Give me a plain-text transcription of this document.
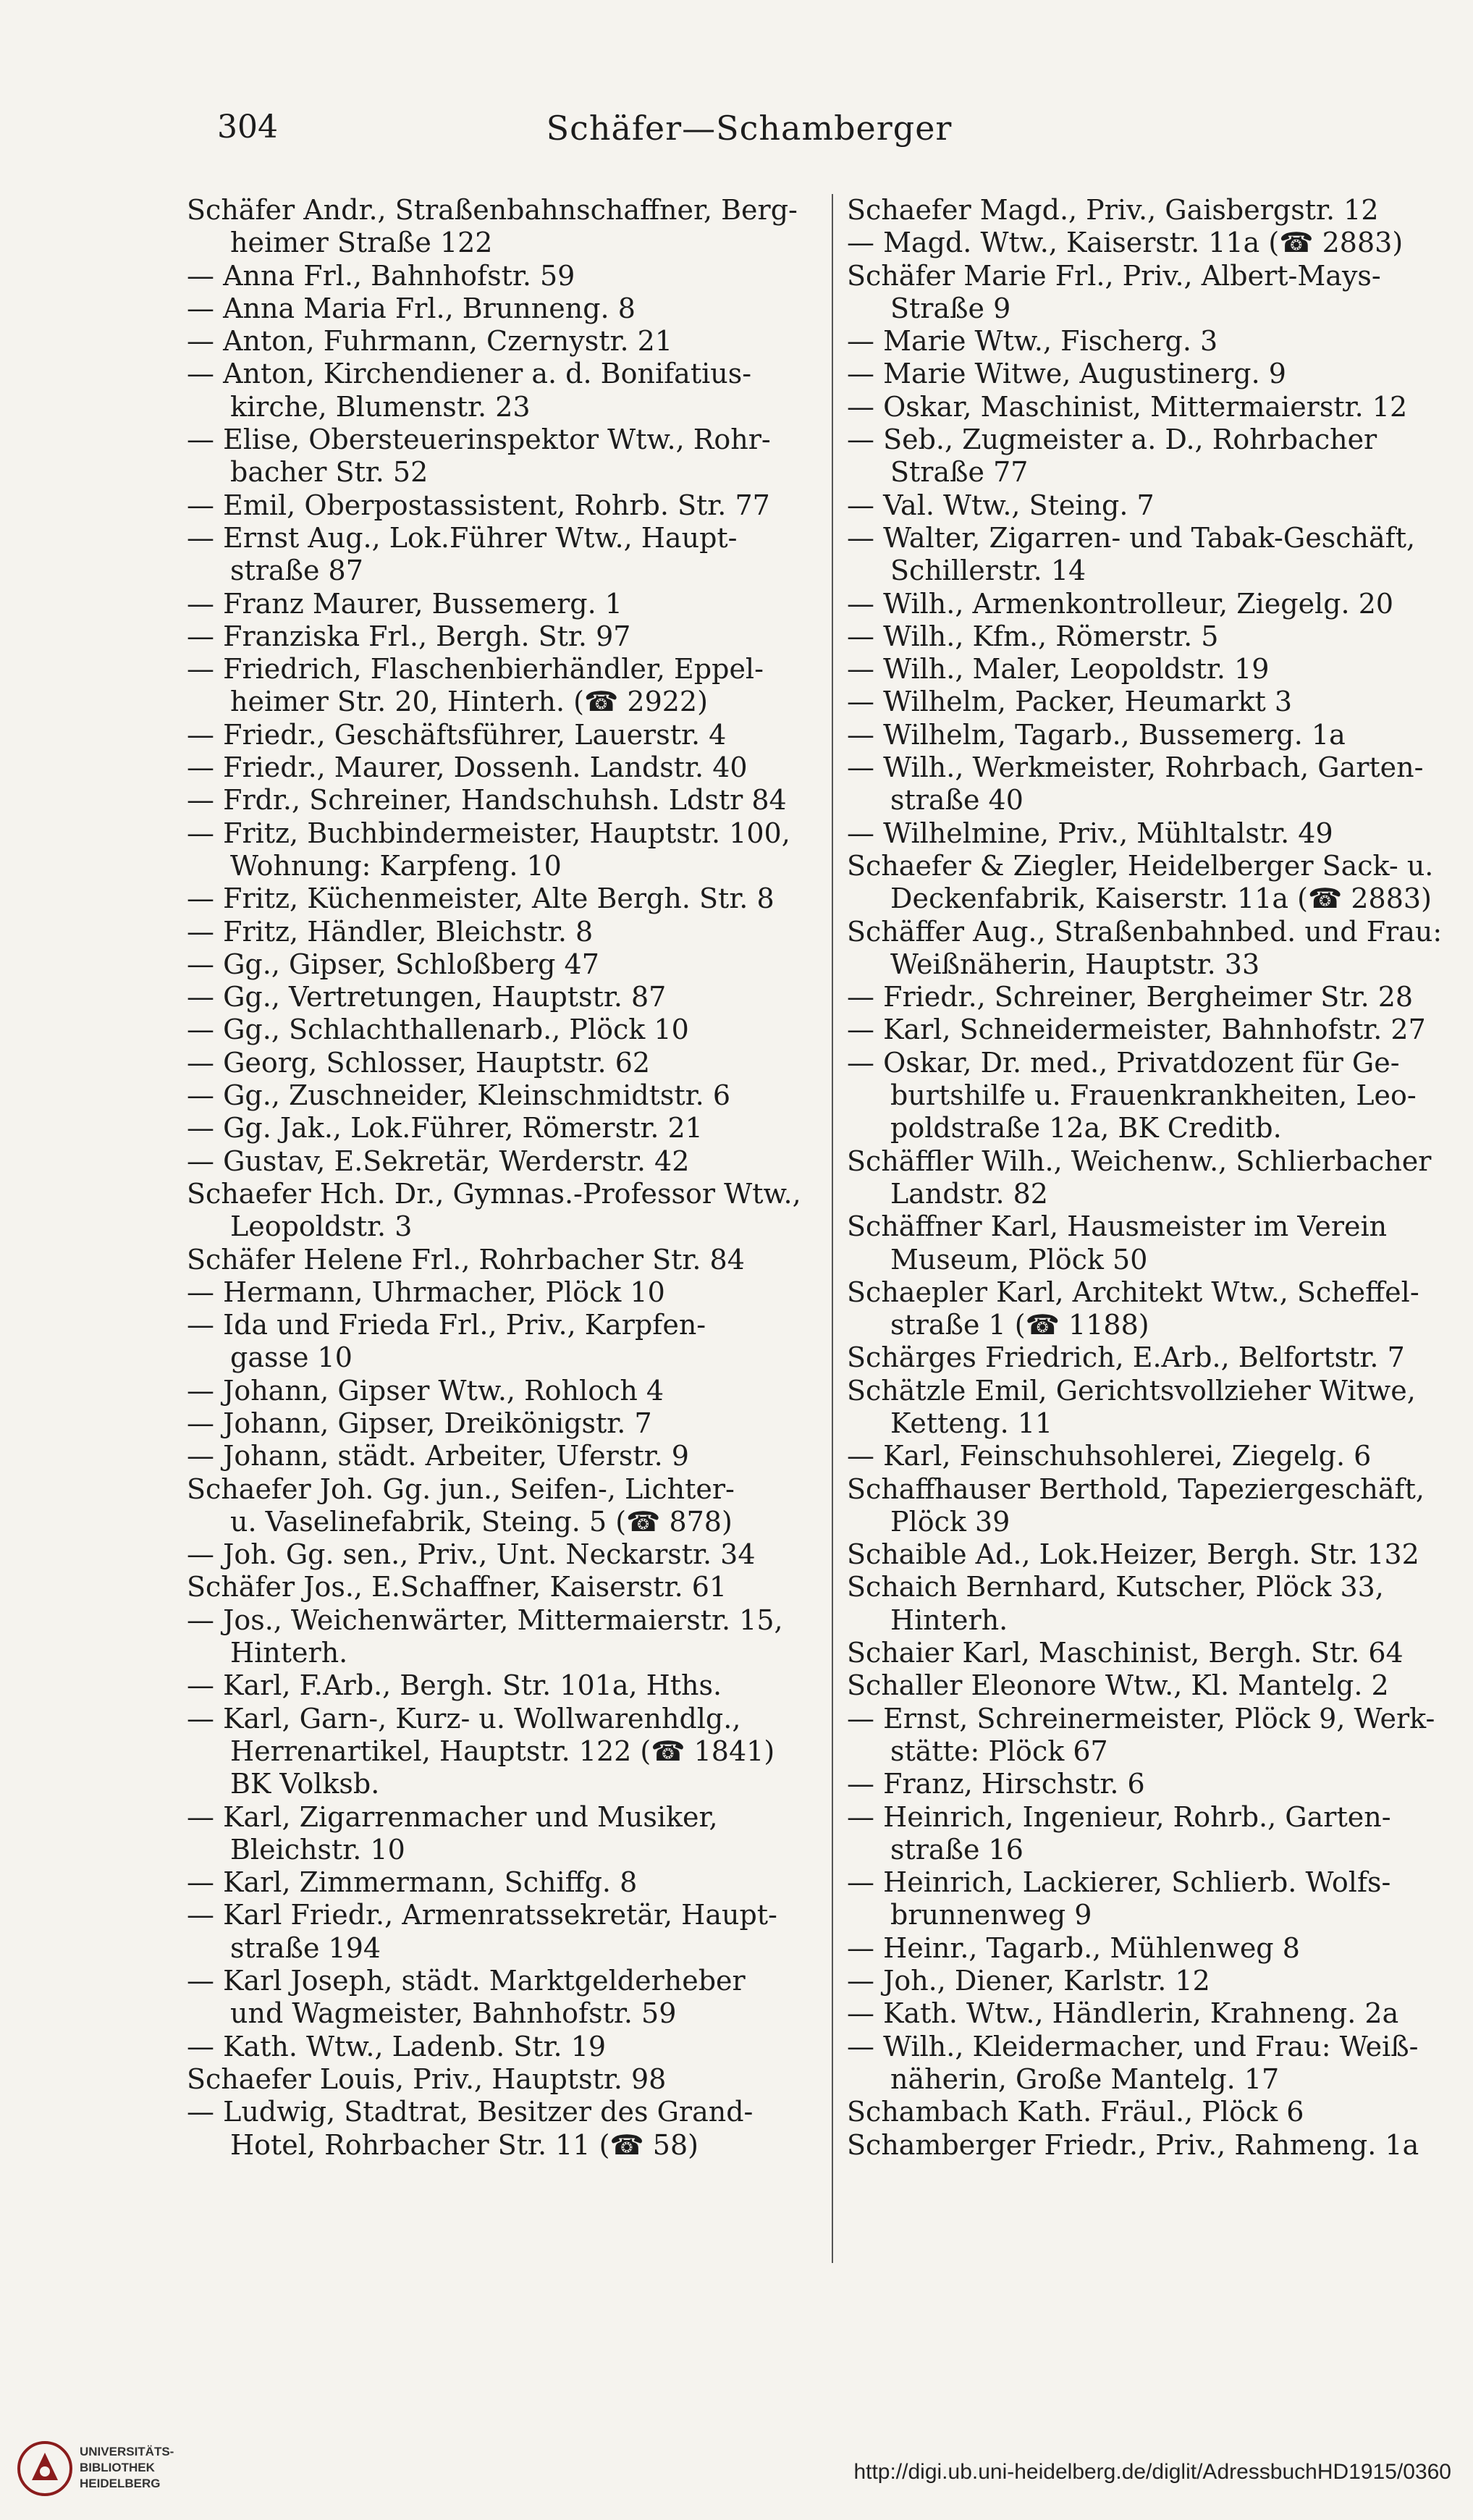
304	Schäfer—Schamberger
Schäfer Andr., Straßenbahnschaffner, Berg-
heimer Straße 122
— Anna Frl., Bahnhofstr. 59
— Anna Maria Frl., Brunneng. 8
— Anton, Fuhrmann, Czernystr. 21
— Anton, Kirchendiener a. d. Bonifatius-
kirche, Blumenstr. 23
— Elise, Obersteuerinspektor Wtw., Rohr-
bacher Str. 52
— Emil, Oberpostassistent, Rohrb. Str. 77
— Ernst Aug., Lok.Führer Wtw., Haupt-
straße 87
— Franz Maurer, Bussemerg. 1
— Franziska Frl., Bergh. Str. 97
— Friedrich, Flaschenbierhändler, Eppel-
heimer Str. 20, Hinterh. (☎ 2922)
— Friedr., Geschäftsführer, Lauerstr. 4
— Friedr., Maurer, Dossenh. Landstr. 40
— Frdr., Schreiner, Handschuhsh. Ldstr 84
— Fritz, Buchbindermeister, Hauptstr. 100,
Wohnung: Karpfeng. 10
— Fritz, Küchenmeister, Alte Bergh. Str. 8
— Fritz, Händler, Bleichstr. 8
— Gg., Gipser, Schloßberg 47
— Gg., Vertretungen, Hauptstr. 87
— Gg., Schlachthallenarb., Plöck 10
— Georg, Schlosser, Hauptstr. 62
— Gg., Zuschneider, Kleinschmidtstr. 6
— Gg. Jak., Lok.Führer, Römerstr. 21
— Gustav, E.Sekretär, Werderstr. 42
Schaefer Hch. Dr., Gymnas.-Professor Wtw.,
Leopoldstr. 3
Schäfer Helene Frl., Rohrbacher Str. 84
— Hermann, Uhrmacher, Plöck 10
— Ida und Frieda Frl., Priv., Karpfen-
gasse 10
— Johann, Gipser Wtw., Rohloch 4
— Johann, Gipser, Dreikönigstr. 7
— Johann, städt. Arbeiter, Uferstr. 9
Schaefer Joh. Gg. jun., Seifen-, Lichter-
u. Vaselinefabrik, Steing. 5 (☎ 878)
— Joh. Gg. sen., Priv., Unt. Neckarstr. 34
Schäfer Jos., E.Schaffner, Kaiserstr. 61
— Jos., Weichenwärter, Mittermaierstr. 15,
Hinterh.
— Karl, F.Arb., Bergh. Str. 101a, Hths.
— Karl, Garn-, Kurz- u. Wollwarenhdlg.,
Herrenartikel, Hauptstr. 122 (☎ 1841)
BK Volksb.
— Karl, Zigarrenmacher und Musiker,
Bleichstr. 10
— Karl, Zimmermann, Schiffg. 8
— Karl Friedr., Armenratssekretär, Haupt-
straße 194
— Karl Joseph, städt. Marktgelderheber
und Wagmeister, Bahnhofstr. 59
— Kath. Wtw., Ladenb. Str. 19
Schaefer Louis, Priv., Hauptstr. 98
— Ludwig, Stadtrat, Besitzer des Grand-
Hotel, Rohrbacher Str. 11 (☎ 58)
Schaefer Magd., Priv., Gaisbergstr. 12
— Magd. Wtw., Kaiserstr. 11a (☎ 2883)
Schäfer Marie Frl., Priv., Albert-Mays-
Straße 9
— Marie Wtw., Fischerg. 3
— Marie Witwe, Augustinerg. 9
— Oskar, Maschinist, Mittermaierstr. 12
— Seb., Zugmeister a. D., Rohrbacher
Straße 77
— Val. Wtw., Steing. 7
— Walter, Zigarren- und Tabak-Geschäft,
Schillerstr. 14
— Wilh., Armenkontrolleur, Ziegelg. 20
— Wilh., Kfm., Römerstr. 5
— Wilh., Maler, Leopoldstr. 19
— Wilhelm, Packer, Heumarkt 3
— Wilhelm, Tagarb., Bussemerg. 1a
— Wilh., Werkmeister, Rohrbach, Garten-
straße 40
— Wilhelmine, Priv., Mühltalstr. 49
Schaefer & Ziegler, Heidelberger Sack- u.
Deckenfabrik, Kaiserstr. 11a (☎ 2883)
Schäffer Aug., Straßenbahnbed. und Frau:
Weißnäherin, Hauptstr. 33
— Friedr., Schreiner, Bergheimer Str. 28
— Karl, Schneidermeister, Bahnhofstr. 27
— Oskar, Dr. med., Privatdozent für Ge-
burtshilfe u. Frauenkrankheiten, Leo-
poldstraße 12a, BK Creditb.
Schäffler Wilh., Weichenw., Schlierbacher
Landstr. 82
Schäffner Karl, Hausmeister im Verein
Museum, Plöck 50
Schaepler Karl, Architekt Wtw., Scheffel-
straße 1 (☎ 1188)
Schärges Friedrich, E.Arb., Belfortstr. 7
Schätzle Emil, Gerichtsvollzieher Witwe,
Ketteng. 11
— Karl, Feinschuhsohlerei, Ziegelg. 6
Schaffhauser Berthold, Tapeziergeschäft,
Plöck 39
Schaible Ad., Lok.Heizer, Bergh. Str. 132
Schaich Bernhard, Kutscher, Plöck 33,
Hinterh.
Schaier Karl, Maschinist, Bergh. Str. 64
Schaller Eleonore Wtw., Kl. Mantelg. 2
— Ernst, Schreinermeister, Plöck 9, Werk-
stätte: Plöck 67
— Franz, Hirschstr. 6
— Heinrich, Ingenieur, Rohrb., Garten-
straße 16
— Heinrich, Lackierer, Schlierb. Wolfs-
brunnenweg 9
— Heinr., Tagarb., Mühlenweg 8
— Joh., Diener, Karlstr. 12
— Kath. Wtw., Händlerin, Krahneng. 2a
— Wilh., Kleidermacher, und Frau: Weiß-
näherin, Große Mantelg. 17
Schambach Kath. Fräul., Plöck 6
Schamberger Friedr., Priv., Rahmeng. 1a
UNIVERSITÄTS-
BIBLIOTHEK
HEIDELBERG	http://digi.ub.uni-heidelberg.de/diglit/AdressbuchHD1915/0360
